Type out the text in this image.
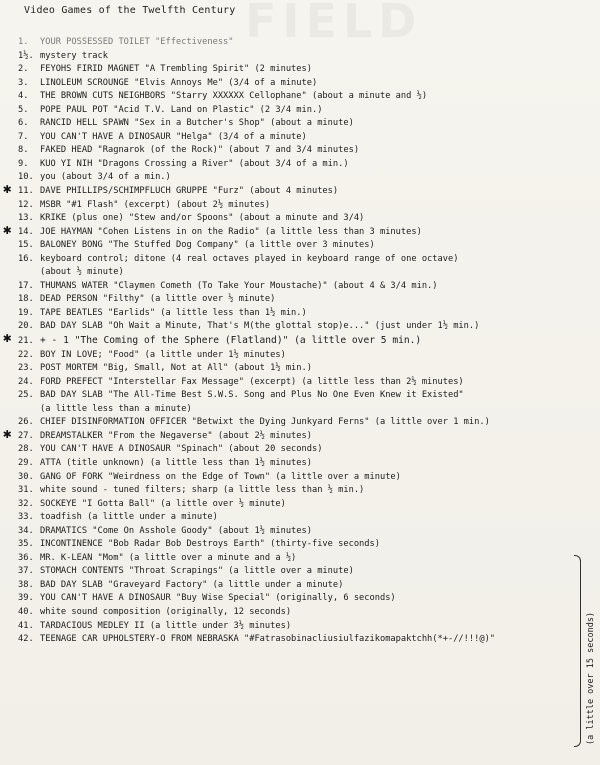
Video Games of the Twelfth Century
1. YOUR POSSESSED TOILET "Effectiveness"
1½. mystery track
2. FEYOHS FIRID MAGNET "A Trembling Spirit" (2 minutes)
3. LINOLEUM SCROUNGE "Elvis Annoys Me" (3/4 of a minute)
4. THE BROWN CUTS NEIGHBORS "Starry XXXXXX Cellophane" (about a minute and ½)
5. POPE PAUL POT "Acid T.V. Land on Plastic" (2 3/4 min.)
6. RANCID HELL SPAWN "Sex in a Butcher's Shop" (about a minute)
7. YOU CAN'T HAVE A DINOSAUR "Helga" (3/4 of a minute)
8. FAKED HEAD "Ragnarok (of the Rock)" (about 7 and 3/4 minutes)
9. KUO YI NIH "Dragons Crossing a River" (about 3/4 of a min.)
10. you (about 3/4 of a min.)
✱ 11. DAVE PHILLIPS/SCHIMPFLUCH GRUPPE "Furz" (about 4 minutes)
12. MSBR "#1 Flash" (excerpt) (about 2½ minutes)
13. KRIKE (plus one) "Stew and/or Spoons" (about a minute and 3/4)
✱ 14. JOE HAYMAN "Cohen Listens in on the Radio" (a little less than 3 minutes)
15. BALONEY BONG "The Stuffed Dog Company" (a little over 3 minutes)
16. keyboard control; ditone (4 real octaves played in keyboard range of one octave)
(about ½ minute)
17. THUMANS WATER "Claymen Cometh (To Take Your Moustache)" (about 4 & 3/4 min.)
18. DEAD PERSON "Filthy" (a little over ½ minute)
19. TAPE BEATLES "Earlids" (a little less than 1½ min.)
20. BAD DAY SLAB "Oh Wait a Minute, That's M(the glottal stop)e..." (just under 1½ min.)
✱ 21. + - 1 "The Coming of the Sphere (Flatland)" (a little over 5 min.)
22. BOY IN LOVE; "Food" (a little under 1½ minutes)
23. POST MORTEM "Big, Small, Not at All" (about 1½ min.)
24. FORD PREFECT "Interstellar Fax Message" (excerpt) (a little less than 2½ minutes)
25. BAD DAY SLAB "The All-Time Best S.W.S. Song and Plus No One Even Knew it Existed"
(a little less than a minute)
26. CHIEF DISINFORMATION OFFICER "Betwixt the Dying Junkyard Ferns" (a little over 1 min.)
✱ 27. DREAMSTALKER "From the Negaverse" (about 2½ minutes)
28. YOU CAN'T HAVE A DINOSAUR "Spinach" (about 20 seconds)
29. ATTA (title unknown) (a little less than 1½ minutes)
30. GANG OF FORK "Weirdness on the Edge of Town" (a little over a minute)
31. white sound - tuned filters; sharp (a little less than ½ min.)
32. SOCKEYE "I Gotta Ball" (a little over ½ minute)
33. toadfish (a little under a minute)
34. DRAMATICS "Come On Asshole Goody" (about 1½ minutes)
35. INCONTINENCE "Bob Radar Bob Destroys Earth" (thirty-five seconds)
36. MR. K-LEAN "Mom" (a little over a minute and a ½)
37. STOMACH CONTENTS "Throat Scrapings" (a little over a minute)
38. BAD DAY SLAB "Graveyard Factory" (a little under a minute)
39. YOU CAN'T HAVE A DINOSAUR "Buy Wise Special" (originally, 6 seconds)
40. white sound composition (originally, 12 seconds)
41. TARDACIOUS MEDLEY II (a little under 3½ minutes)
42. TEENAGE CAR UPHOLSTERY-O FROM NEBRASKA "#Fatrasobinacliusiulfazikomapaktchh(*+-//!!!@)"	(a little over 15 seconds)
